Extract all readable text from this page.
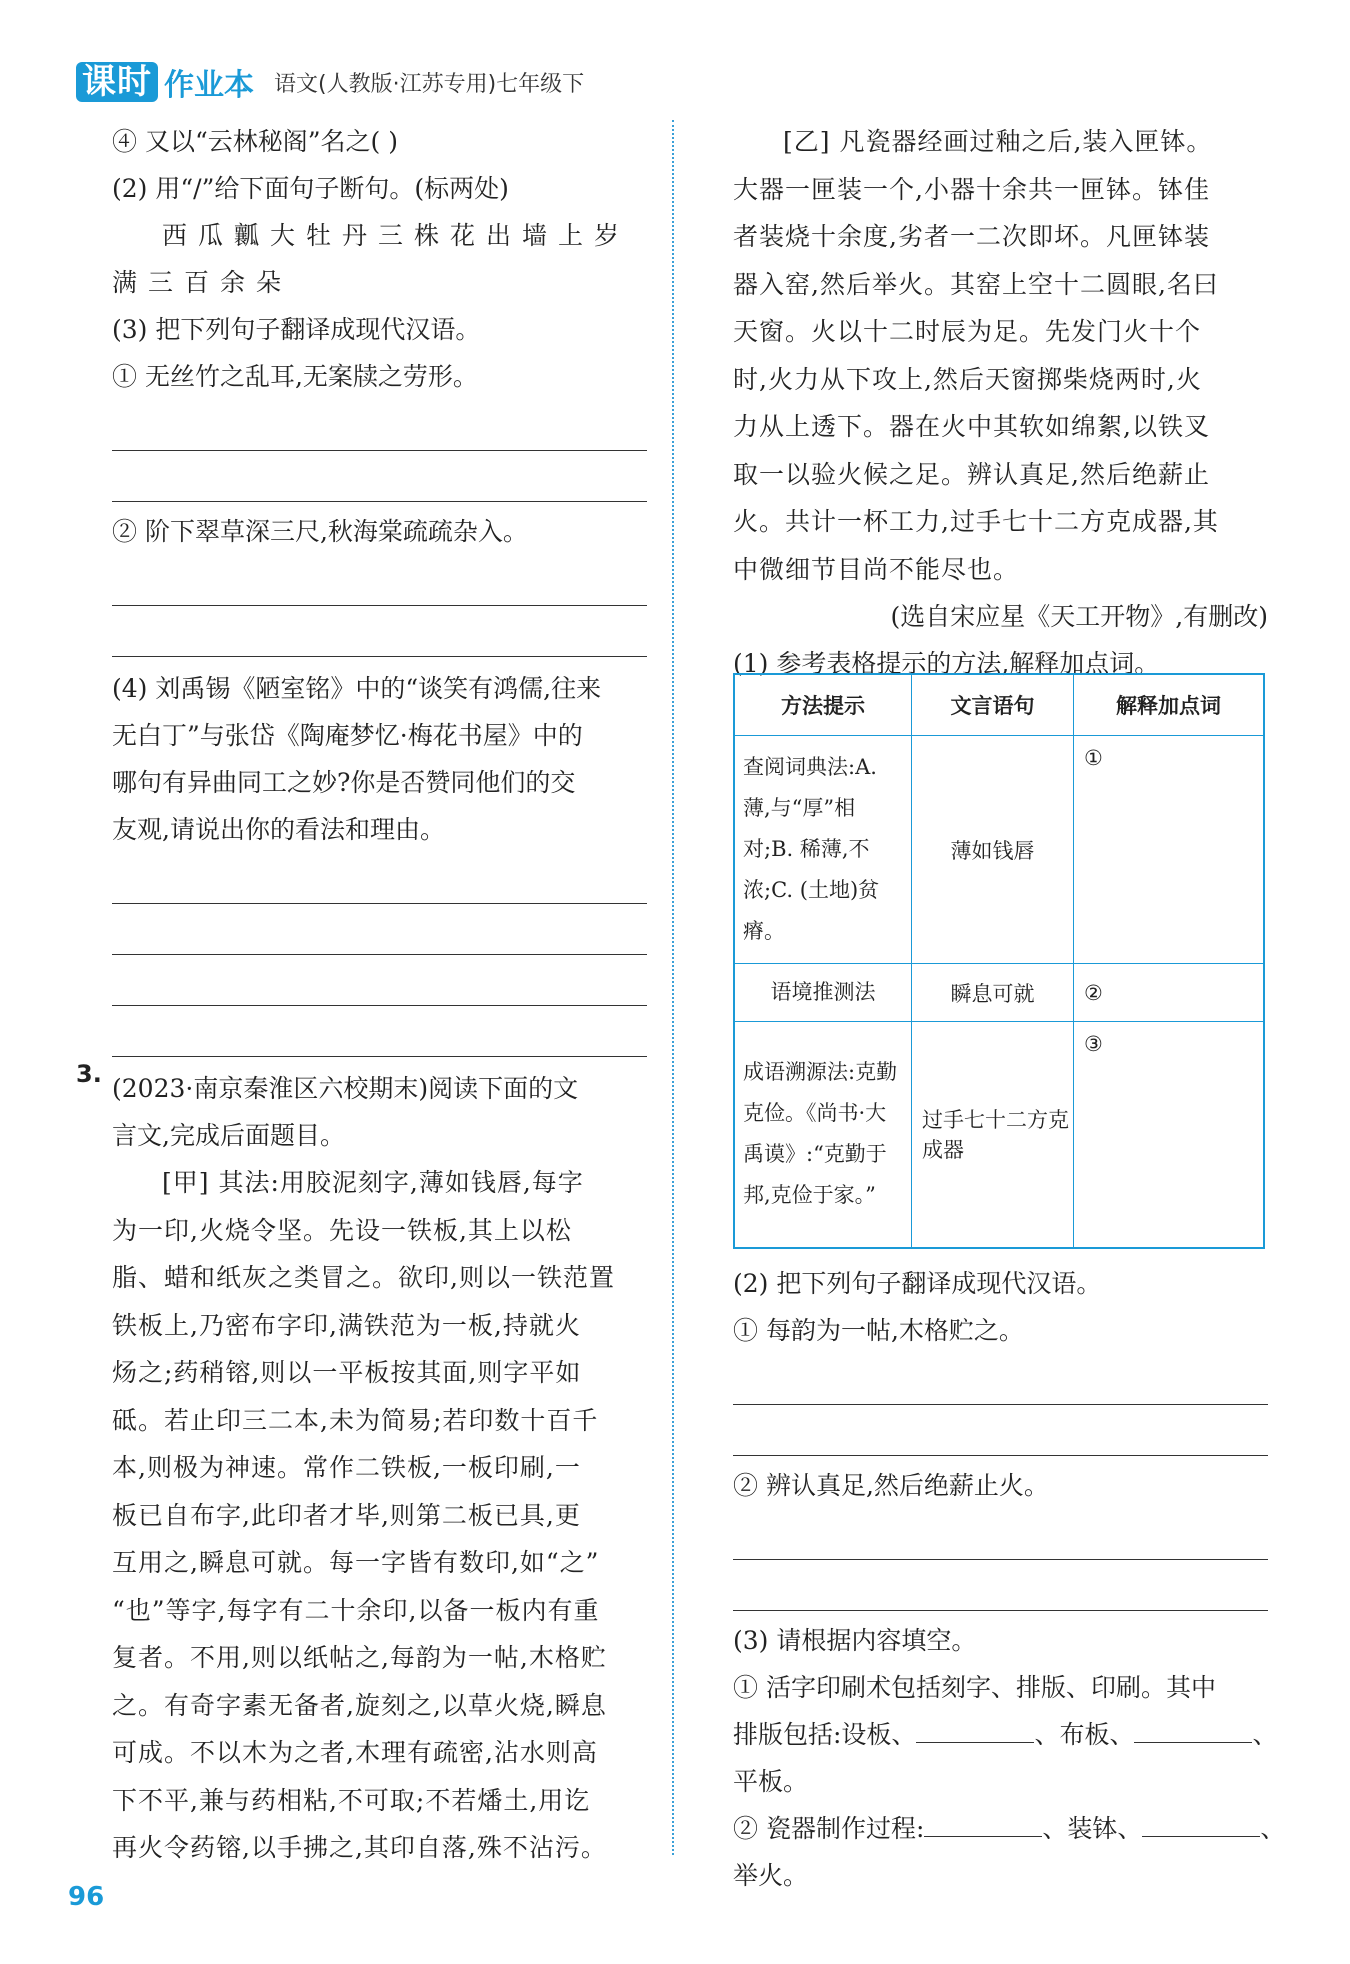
课时 作业本 语文(人教版·江苏专用)七年级下
④ 又以“云林秘阁”名之( )
(2) 用“/”给下面句子断句。(标两处)
西瓜瓤大牡丹三株花出墙上岁
满三百余朵
(3) 把下列句子翻译成现代汉语。
① 无丝竹之乱耳,无案牍之劳形。
② 阶下翠草深三尺,秋海棠疏疏杂入。
(4) 刘禹锡《陋室铭》中的“谈笑有鸿儒,往来
无白丁”与张岱《陶庵梦忆·梅花书屋》中的
哪句有异曲同工之妙?你是否赞同他们的交
友观,请说出你的看法和理由。
(2023·南京秦淮区六校期末)阅读下面的文
言文,完成后面题目。
[甲] 其法:用胶泥刻字,薄如钱唇,每字
为一印,火烧令坚。先设一铁板,其上以松
脂、蜡和纸灰之类冒之。欲印,则以一铁范置
铁板上,乃密布字印,满铁范为一板,持就火
炀之;药稍镕,则以一平板按其面,则字平如
砥。若止印三二本,未为简易;若印数十百千
本,则极为神速。常作二铁板,一板印刷,一
板已自布字,此印者才毕,则第二板已具,更
互用之,瞬息可就。每一字皆有数印,如“之”
“也”等字,每字有二十余印,以备一板内有重
复者。不用,则以纸帖之,每韵为一帖,木格贮
之。有奇字素无备者,旋刻之,以草火烧,瞬息
可成。不以木为之者,木理有疏密,沾水则高
下不平,兼与药相粘,不可取;不若燔土,用讫
再火令药镕,以手拂之,其印自落,殊不沾污。
3.
[乙] 凡瓷器经画过釉之后,装入匣钵。
大器一匣装一个,小器十余共一匣钵。钵佳
者装烧十余度,劣者一二次即坏。凡匣钵装
器入窑,然后举火。其窑上空十二圆眼,名曰
天窗。火以十二时辰为足。先发门火十个
时,火力从下攻上,然后天窗掷柴烧两时,火
力从上透下。器在火中其软如绵絮,以铁叉
取一以验火候之足。辨认真足,然后绝薪止
火。共计一杯工力,过手七十二方克成器,其
中微细节目尚不能尽也。
(选自宋应星《天工开物》,有删改)
(1) 参考表格提示的方法,解释加点词。
方法提示	文言语句	解释加点词
查阅词典法:A. 薄,与“厚”相对;B. 稀薄,不浓;C. (土地)贫瘠。	薄如钱唇	①
语境推测法	瞬息可就	②
成语溯源法:克勤克俭。《尚书·大禹谟》:“克勤于邦,克俭于家。”	过手七十二方克成器	③
(2) 把下列句子翻译成现代汉语。
① 每韵为一帖,木格贮之。
② 辨认真足,然后绝薪止火。
(3) 请根据内容填空。
① 活字印刷术包括刻字、排版、印刷。其中
排版包括:设板、	、布板、	、
平板。
② 瓷器制作过程:	、装钵、	、
举火。
96
